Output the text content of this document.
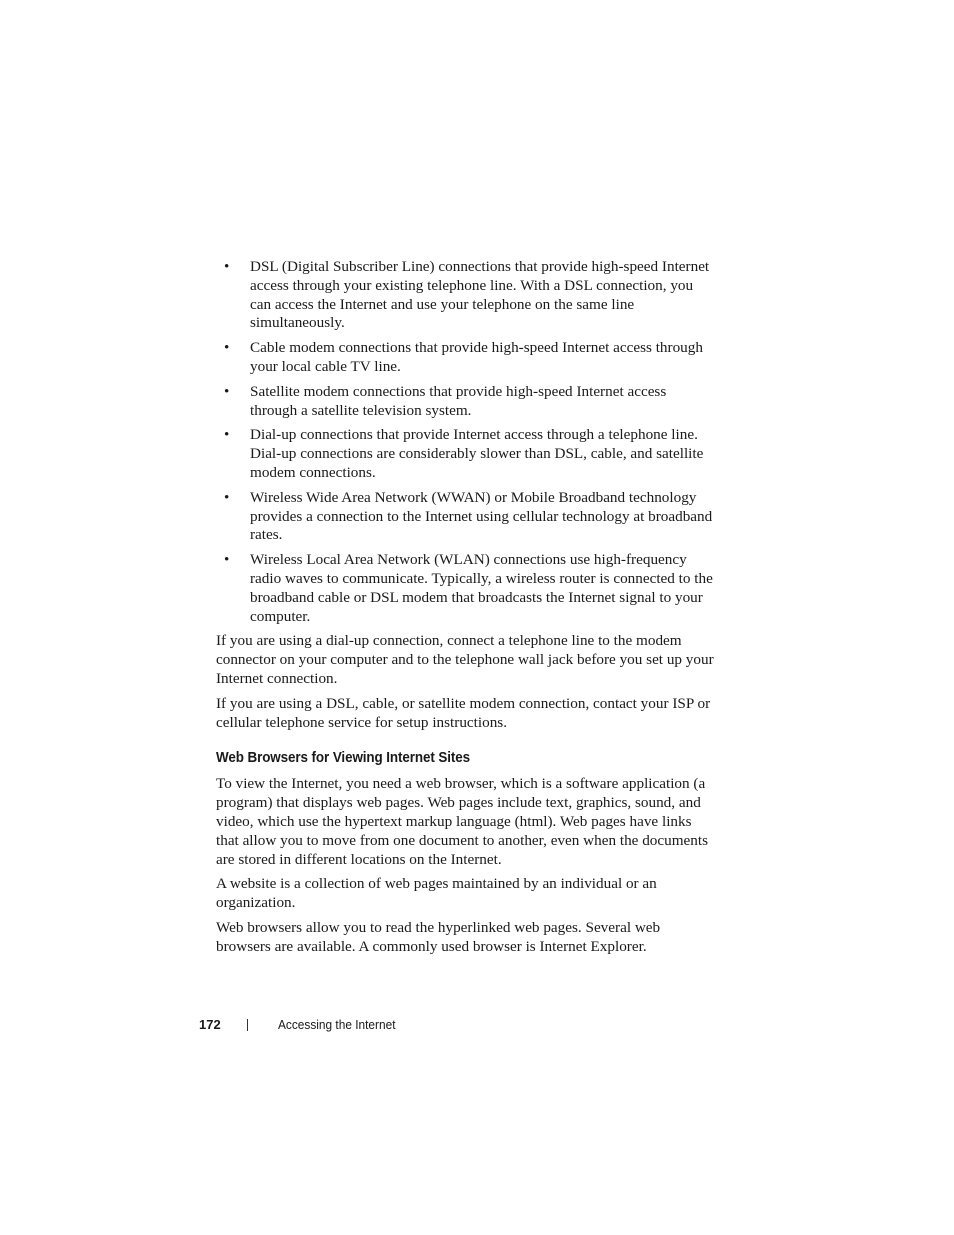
• DSL (Digital Subscriber Line) connections that provide high-speed Internet access through your existing telephone line. With a DSL connection, you can access the Internet and use your telephone on the same line simultaneously.
• Cable modem connections that provide high-speed Internet access through your local cable TV line.
• Satellite modem connections that provide high-speed Internet access through a satellite television system.
• Dial-up connections that provide Internet access through a telephone line. Dial-up connections are considerably slower than DSL, cable, and satellite modem connections.
• Wireless Wide Area Network (WWAN) or Mobile Broadband technology provides a connection to the Internet using cellular technology at broadband rates.
• Wireless Local Area Network (WLAN) connections use high-frequency radio waves to communicate. Typically, a wireless router is connected to the broadband cable or DSL modem that broadcasts the Internet signal to your computer.

If you are using a dial-up connection, connect a telephone line to the modem connector on your computer and to the telephone wall jack before you set up your Internet connection.

If you are using a DSL, cable, or satellite modem connection, contact your ISP or cellular telephone service for setup instructions.

Web Browsers for Viewing Internet Sites

To view the Internet, you need a web browser, which is a software application (a program) that displays web pages. Web pages include text, graphics, sound, and video, which use the hypertext markup language (html). Web pages have links that allow you to move from one document to another, even when the documents are stored in different locations on the Internet.

A website is a collection of web pages maintained by an individual or an organization.

Web browsers allow you to read the hyperlinked web pages. Several web browsers are available. A commonly used browser is Internet Explorer.

172	Accessing the Internet
